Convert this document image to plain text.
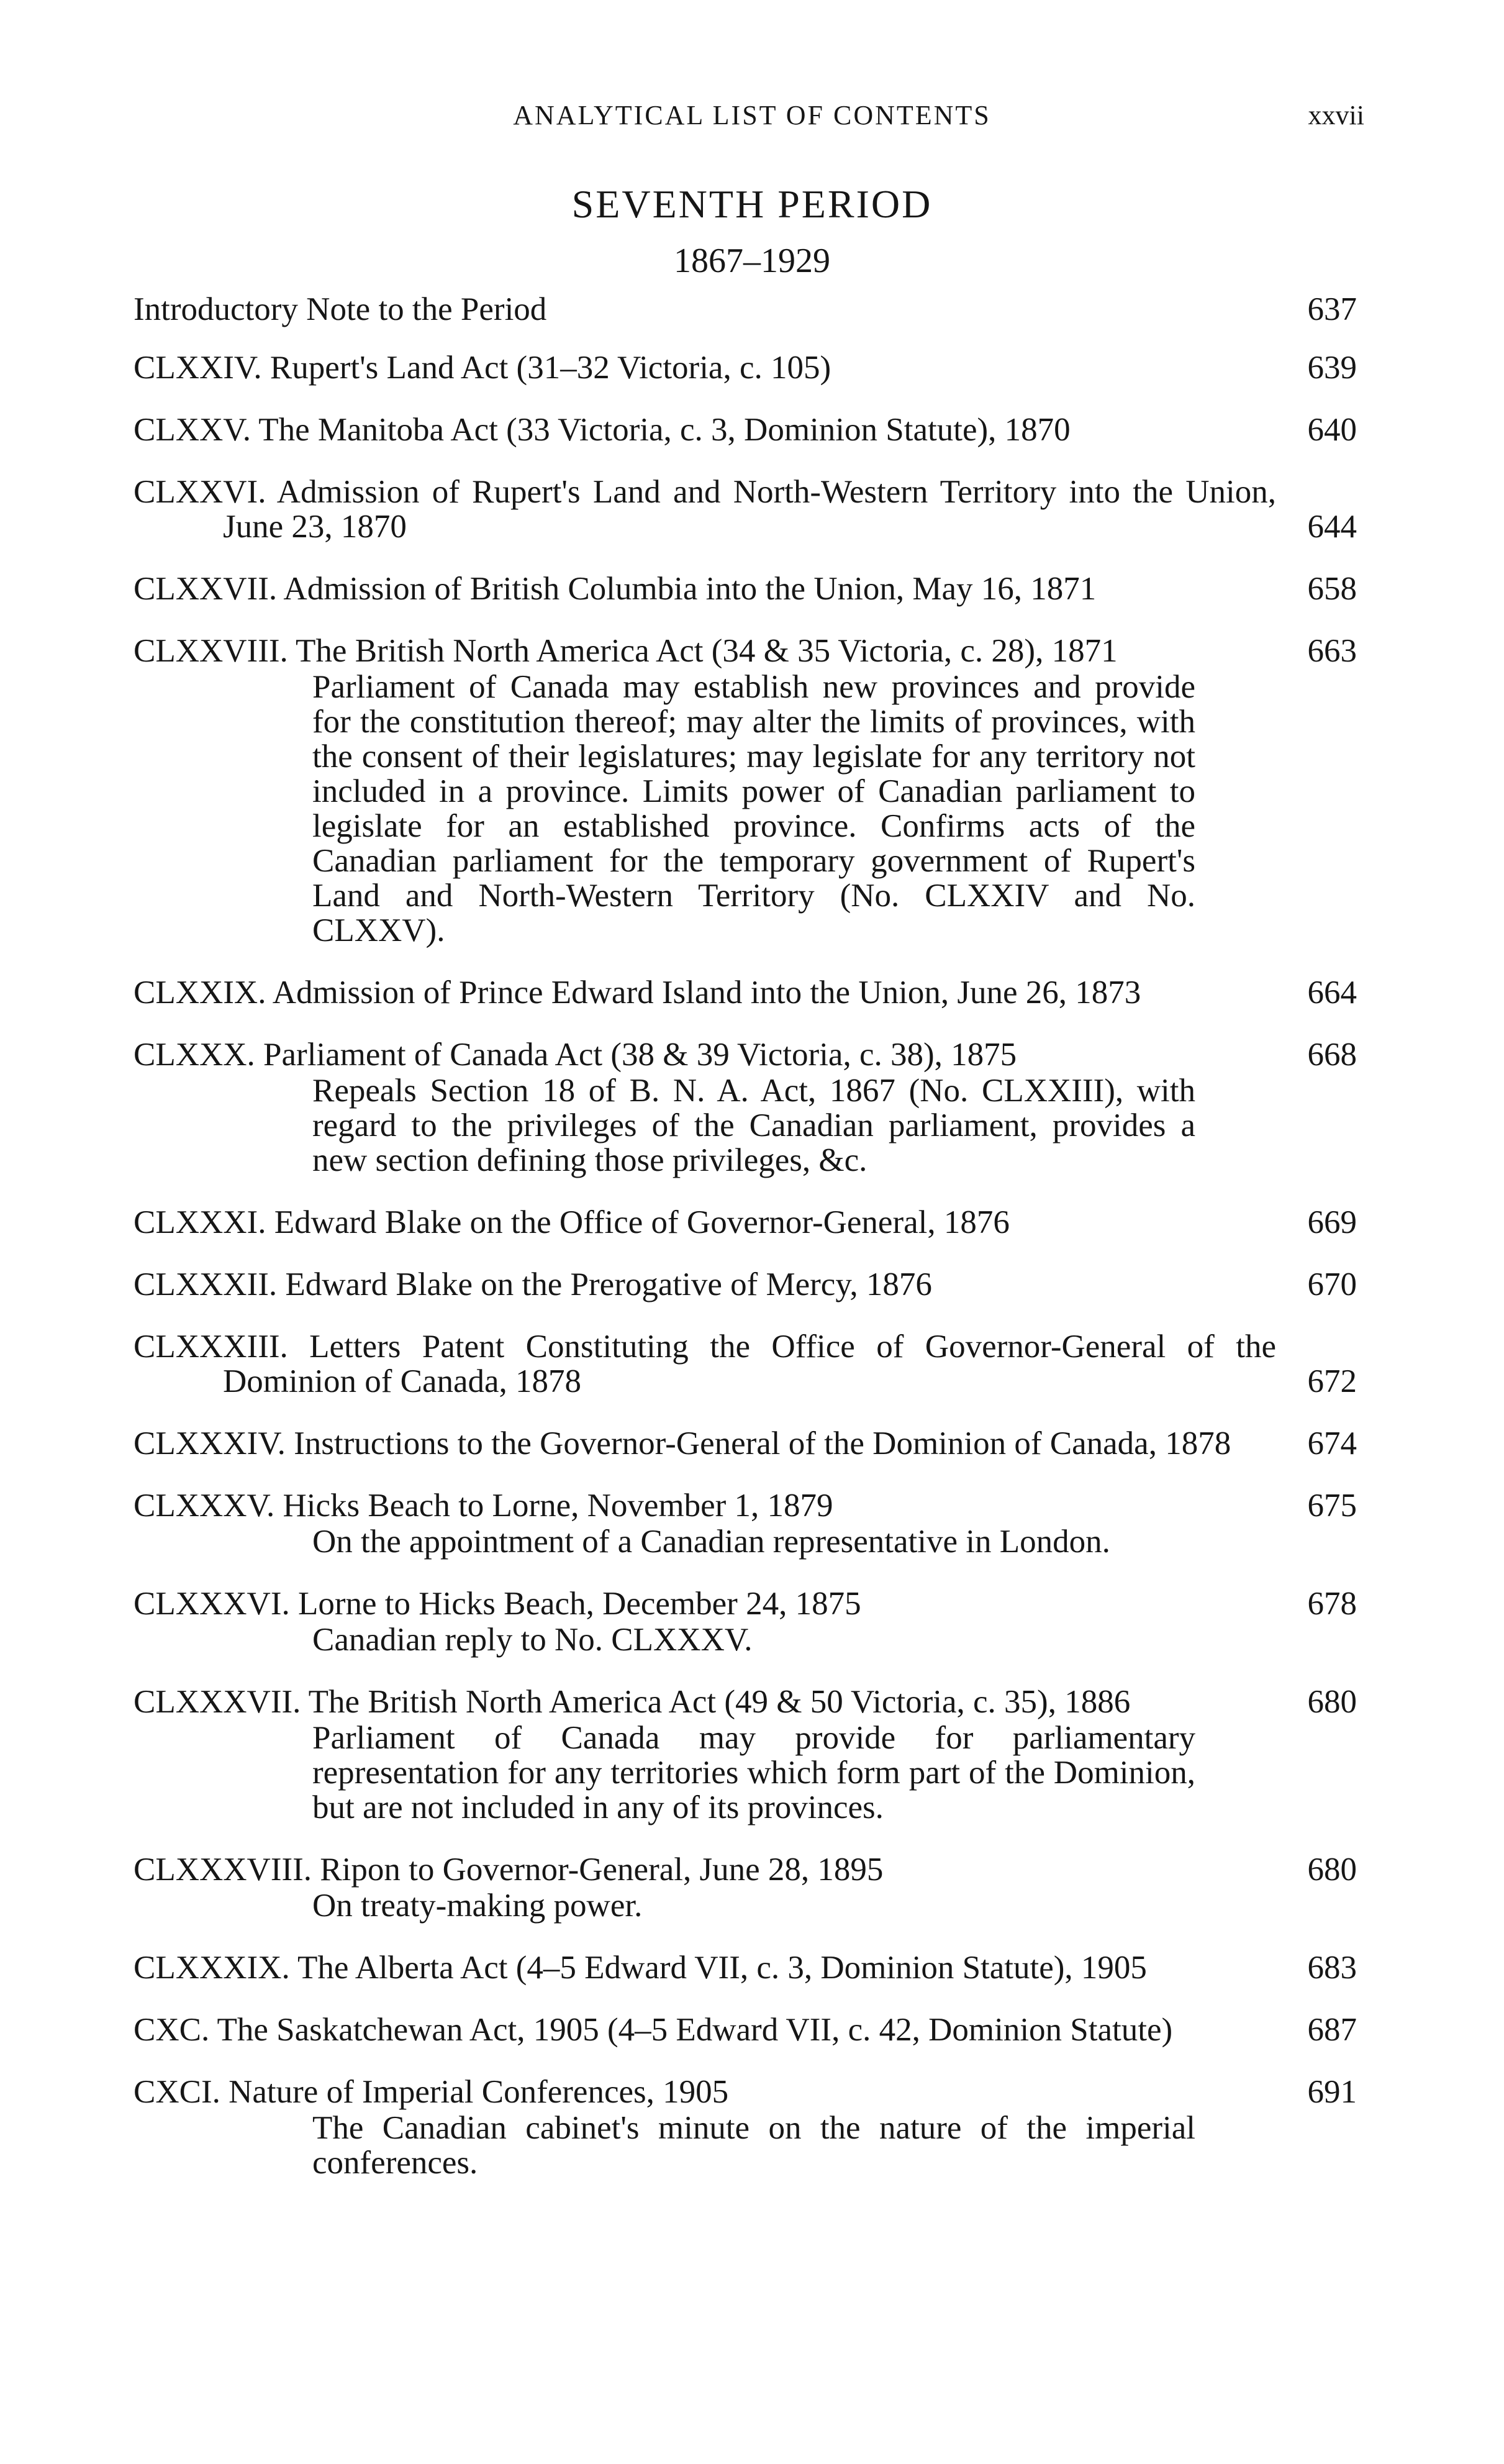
ANALYTICAL LIST OF CONTENTS	xxvii
SEVENTH PERIOD
1867–1929
Introductory Note to the Period	637
CLXXIV. Rupert's Land Act (31–32 Victoria, c. 105)	639
CLXXV. The Manitoba Act (33 Victoria, c. 3, Dominion Statute), 1870	640
CLXXVI. Admission of Rupert's Land and North-Western Territory into the Union, June 23, 1870	644
CLXXVII. Admission of British Columbia into the Union, May 16, 1871	658
CLXXVIII. The British North America Act (34 & 35 Victoria, c. 28), 1871	663
Parliament of Canada may establish new provinces and provide for the constitution thereof; may alter the limits of provinces, with the consent of their legislatures; may legislate for any territory not included in a province. Limits power of Canadian parliament to legislate for an established province. Confirms acts of the Canadian parliament for the temporary government of Rupert's Land and North-Western Territory (No. CLXXIV and No. CLXXV).
CLXXIX. Admission of Prince Edward Island into the Union, June 26, 1873	664
CLXXX. Parliament of Canada Act (38 & 39 Victoria, c. 38), 1875	668
Repeals Section 18 of B. N. A. Act, 1867 (No. CLXXIII), with regard to the privileges of the Canadian parliament, provides a new section defining those privileges, &c.
CLXXXI. Edward Blake on the Office of Governor-General, 1876	669
CLXXXII. Edward Blake on the Prerogative of Mercy, 1876	670
CLXXXIII. Letters Patent Constituting the Office of Governor-General of the Dominion of Canada, 1878	672
CLXXXIV. Instructions to the Governor-General of the Dominion of Canada, 1878	674
CLXXXV. Hicks Beach to Lorne, November 1, 1879	675
On the appointment of a Canadian representative in London.
CLXXXVI. Lorne to Hicks Beach, December 24, 1875	678
Canadian reply to No. CLXXXV.
CLXXXVII. The British North America Act (49 & 50 Victoria, c. 35), 1886	680
Parliament of Canada may provide for parliamentary representation for any territories which form part of the Dominion, but are not included in any of its provinces.
CLXXXVIII. Ripon to Governor-General, June 28, 1895	680
On treaty-making power.
CLXXXIX. The Alberta Act (4–5 Edward VII, c. 3, Dominion Statute), 1905	683
CXC. The Saskatchewan Act, 1905 (4–5 Edward VII, c. 42, Dominion Statute)	687
CXCI. Nature of Imperial Conferences, 1905	691
The Canadian cabinet's minute on the nature of the imperial conferences.
